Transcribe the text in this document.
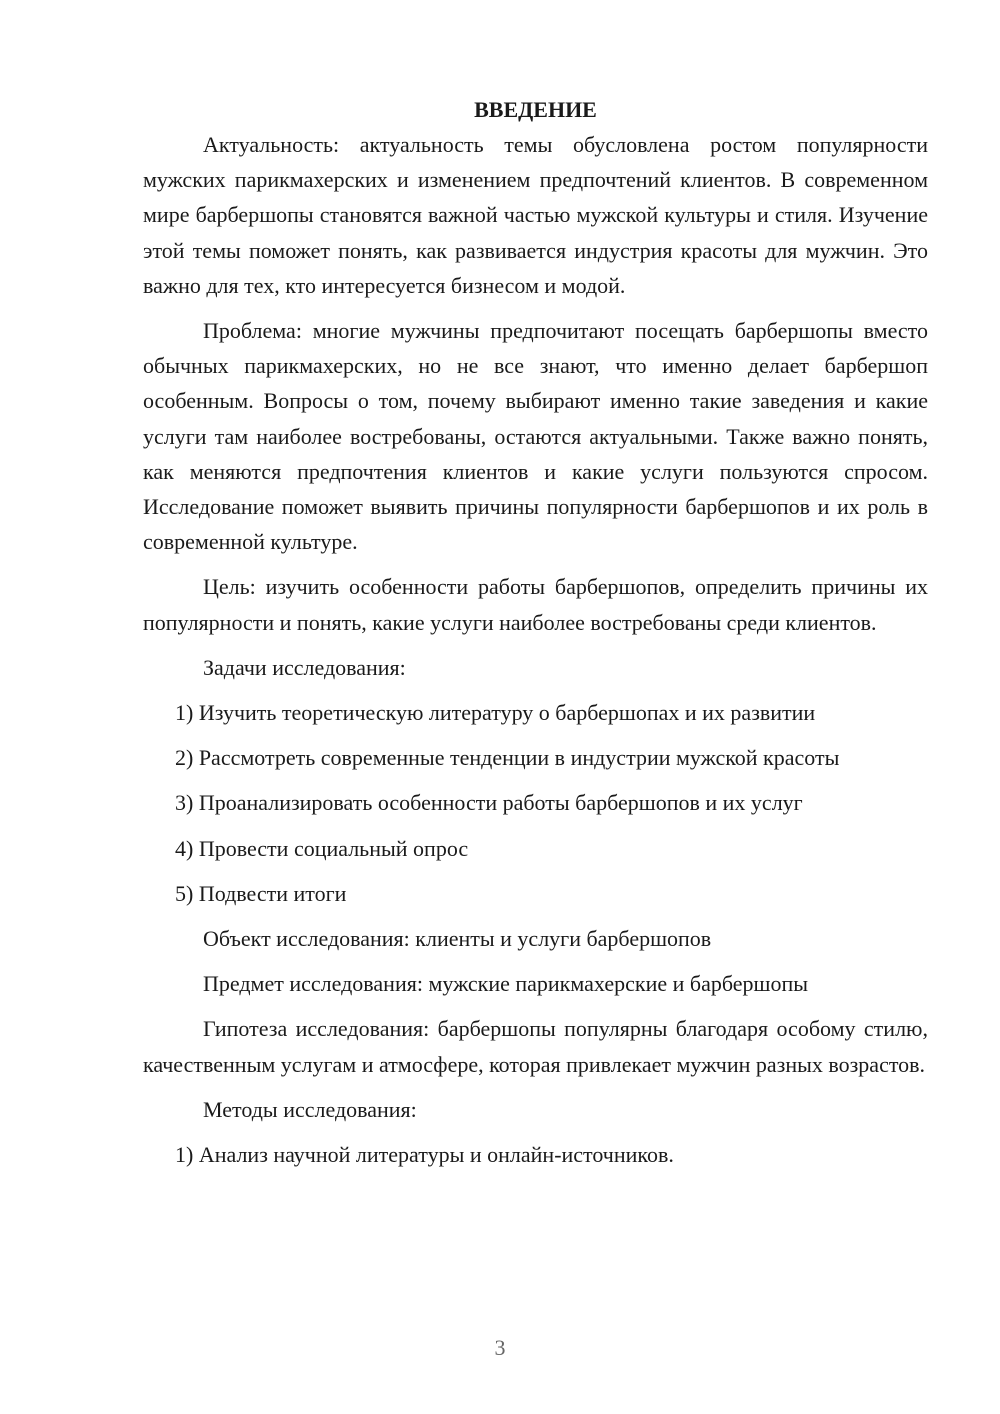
ВВЕДЕНИЕ

Актуальность: актуальность темы обусловлена ростом популярности мужских парикмахерских и изменением предпочтений клиентов. В современном мире барбершопы становятся важной частью мужской культуры и стиля. Изучение этой темы поможет понять, как развивается индустрия красоты для мужчин. Это важно для тех, кто интересуется бизнесом и модой.

Проблема: многие мужчины предпочитают посещать барбершопы вместо обычных парикмахерских, но не все знают, что именно делает барбершоп особенным. Вопросы о том, почему выбирают именно такие заведения и какие услуги там наиболее востребованы, остаются актуальными. Также важно понять, как меняются предпочтения клиентов и какие услуги пользуются спросом. Исследование поможет выявить причины популярности барбершопов и их роль в современной культуре.

Цель: изучить особенности работы барбершопов, определить причины их популярности и понять, какие услуги наиболее востребованы среди клиентов.

Задачи исследования:
1) Изучить теоретическую литературу о барбершопах и их развитии
2) Рассмотреть современные тенденции в индустрии мужской красоты
3) Проанализировать особенности работы барбершопов и их услуг
4) Провести социальный опрос
5) Подвести итоги
Объект исследования: клиенты и услуги барбершопов
Предмет исследования: мужские парикмахерские и барбершопы

Гипотеза исследования: барбершопы популярны благодаря особому стилю, качественным услугам и атмосфере, которая привлекает мужчин разных возрастов.

Методы исследования:
1) Анализ научной литературы и онлайн-источников.
3
